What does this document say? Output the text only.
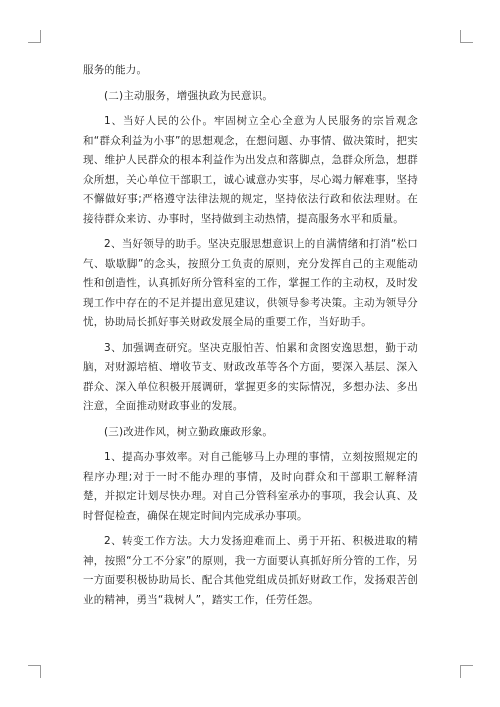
服务的能力。

(二)主动服务，增强执政为民意识。

1、当好人民的公仆。牢固树立全心全意为人民服务的宗旨观念和“群众利益为小事”的思想观念，在想问题、办事情、做决策时，把实现、维护人民群众的根本利益作为出发点和落脚点，急群众所急，想群众所想，关心单位干部职工，诚心诚意办实事，尽心竭力解难事，坚持不懈做好事;严格遵守法律法规的规定，坚持依法行政和依法理财。在接待群众来访、办事时，坚持做到主动热情，提高服务水平和质量。

2、当好领导的助手。坚决克服思想意识上的自满情绪和打消“松口气、歇歇脚”的念头，按照分工负责的原则，充分发挥自己的主观能动性和创造性，认真抓好所分管科室的工作，掌握工作的主动权，及时发现工作中存在的不足并提出意见建议，供领导参考决策。主动为领导分忧，协助局长抓好事关财政发展全局的重要工作，当好助手。

3、加强调查研究。坚决克服怕苦、怕累和贪图安逸思想，勤于动脑，对财源培植、增收节支、财政改革等各个方面，要深入基层、深入群众、深入单位积极开展调研，掌握更多的实际情况，多想办法、多出注意，全面推动财政事业的发展。

(三)改进作风，树立勤政廉政形象。

1、提高办事效率。对自己能够马上办理的事情，立刻按照规定的程序办理;对于一时不能办理的事情，及时向群众和干部职工解释清楚，并拟定计划尽快办理。对自己分管科室承办的事项，我会认真、及时督促检查，确保在规定时间内完成承办事项。

2、转变工作方法。大力发扬迎难而上、勇于开拓、积极进取的精神，按照“分工不分家”的原则，我一方面要认真抓好所分管的工作，另一方面要积极协助局长、配合其他党组成员抓好财政工作，发扬艰苦创业的精神，勇当“栽树人”，踏实工作，任劳任怨。
